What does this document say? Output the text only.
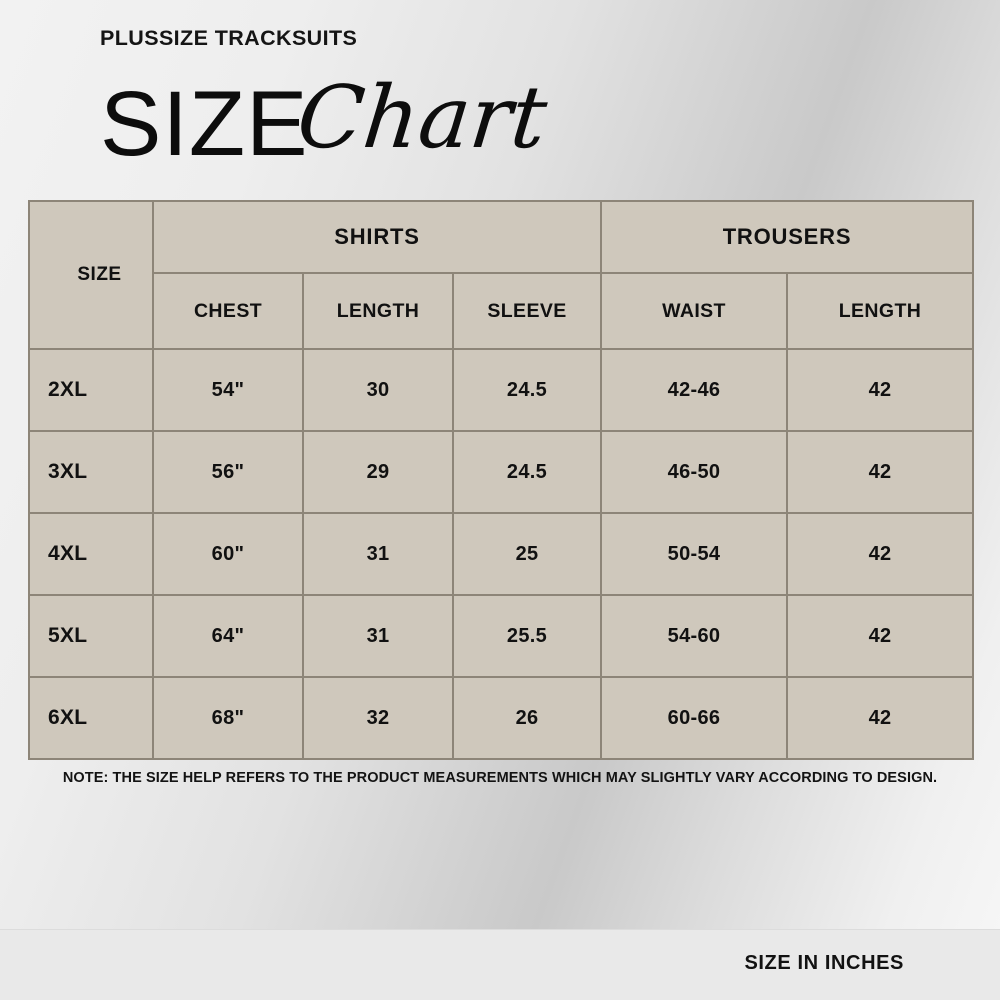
PLUSSIZE TRACKSUITS
SIZE
Chart
SIZE	SHIRTS			TROUSERS	
	CHEST	LENGTH	SLEEVE	WAIST	LENGTH
2XL	54"	30	24.5	42-46	42
3XL	56"	29	24.5	46-50	42
4XL	60"	31	25	50-54	42
5XL	64"	31	25.5	54-60	42
6XL	68"	32	26	60-66	42
NOTE: THE SIZE HELP REFERS TO THE PRODUCT MEASUREMENTS WHICH MAY SLIGHTLY VARY ACCORDING TO DESIGN.
SIZE IN INCHES
